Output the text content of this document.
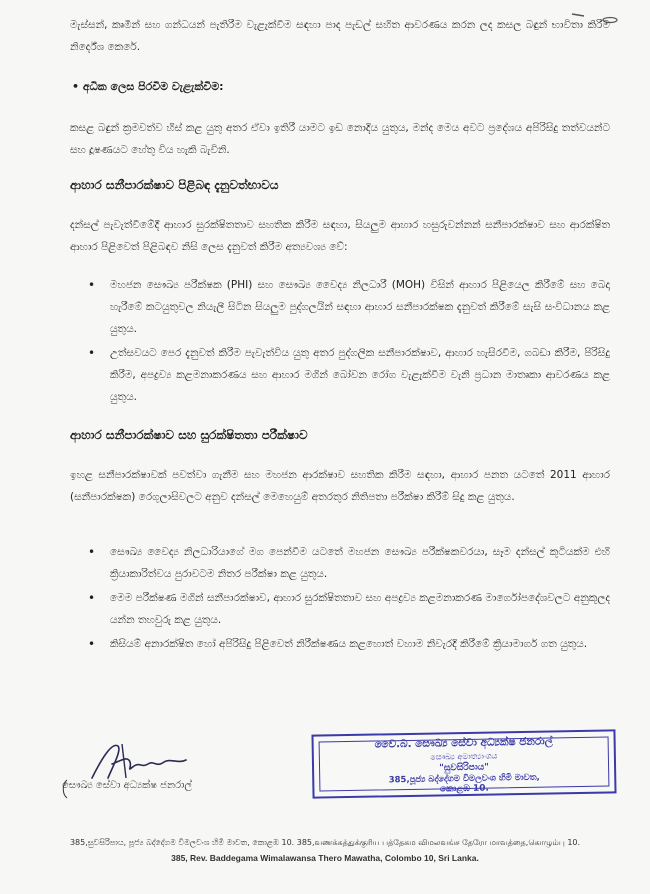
මැස්සන්, කෘමීන් සහ ගන්ධයන් පැතිරීම වැළැක්වීම සඳහා පාද පැඩල් සහිත ආවරණය කරන ලද කසල බඳුන් භාවිතා කිරීම නිර්දේශ කෙරේ.
• අධික ලෙස පිරවීම වැළැක්වීම:
කසළ බඳුන් ක්‍රමවත්ව හිස් කළ යුතු අතර ඒවා ඉතිරී යාමට ඉඩ නොදිය යුතුය, මන්ද මෙය අවට ප්‍රදේශය අපිරිසිදු තත්වයන්ට සහ දූෂණයට හේතු විය හැකි බැවිනි.
ආහාර සනීපාරක්ෂාව පිළිබඳ දැනුවත්භාවය
දන්සල් පැවැත්වීමේදී ආහාර සුරක්ෂිතතාව සහතික කිරීම සඳහා, සියලුම ආහාර හසුරුවන්නන් සනීපාරක්ෂාව සහ ආරක්ෂිත ආහාර පිළිවෙත් පිළිබඳව නිසි ලෙස දැනුවත් කිරීම අත්‍යවශ්‍ය වේ:
• මහජන සෞඛ්‍ය පරීක්ෂක (PHI) සහ සෞඛ්‍ය වෛද්‍ය නිලධාරී (MOH) විසින් ආහාර පිළියෙල කිරීමේ සහ බෙදා හැරීමේ කටයුතුවල නියැලී සිටින සියලුම පුද්ගලයින් සඳහා ආහාර සනීපාරක්ෂක දැනුවත් කිරීමේ සැසි සංවිධානය කළ යුතුය.
• උත්සවයට පෙර දැනුවත් කිරීම පැවැත්විය යුතු අතර පුද්ගලික සනීපාරක්ෂාව, ආහාර හැසිරවීම, ගබඩා කිරීම, පිරිසිදු කිරීම, අපද්‍රව්‍ය කළමනාකරණය සහ ආහාර මගින් බෝවන රෝග වැළැක්වීම වැනි ප්‍රධාන මාතෘකා ආවරණය කළ යුතුය.
ආහාර සනීපාරක්ෂාව සහ සුරක්ෂිතතා පරීක්ෂාව
ඉහළ සනීපාරක්ෂාවක් පවත්වා ගැනීම සහ මහජන ආරක්ෂාව සහතික කිරීම සඳහා, ආහාර පනත යටතේ 2011 ආහාර (සනීපාරක්ෂක) රෙගුලාසිවලට අනුව දන්සල් මෙහෙයුම් අතරතුර නිතිපතා පරීක්ෂා කිරීම් සිදු කළ යුතුය.
• සෞඛ්‍ය වෛද්‍ය නිලධාරියාගේ මග පෙන්වීම යටතේ මහජන සෞඛ්‍ය පරීක්ෂකවරයා, සෑම දන්සල් කුටියක්ම එහි ක්‍රියාකාරිත්වය පුරාවටම නිතර පරීක්ෂා කළ යුතුය.
• මෙම පරීක්ෂණ මගින් සනීපාරක්ෂාව, ආහාර සුරක්ෂිතතාව සහ අපද්‍රව්‍ය කළමනාකරණ මාර්ගෝපදේශවලට අනුකූලද යන්න තහවුරු කළ යුතුය.
• කිසියම් අනාරක්ෂිත හෝ අපිරිසිදු පිළිවෙත් නිරීක්ෂණය කළහොත් වහාම නිවැරදි කිරීමේ ක්‍රියාමාර්ග ගත යුතුය.
සෞඛ්‍ය සේවා අධ්‍යක්ෂ ජනරාල්
වෛ.බ. සෞඛ්‍ය සේවා අධ්‍යක්ෂ ජනරාල්
සෞඛ්‍ය අමාත්‍යාංශය
"සුවසිරිපාය"
385,පූජ්‍ය බද්දේගම විමලවංශ හිමි මාවත,
කොළඹ 10.
385,සුවසිරිපාය, පූජ්‍ය බද්දේගම විමලවංශ හිමි මාවත, කොළඹ 10. 385,வணக்கத்துக்குரிய பத்தேகம விமலவங்ச தேரோ மாவத்தை,கொழும்பு 10.
385, Rev. Baddegama Wimalawansa Thero Mawatha, Colombo 10, Sri Lanka.
